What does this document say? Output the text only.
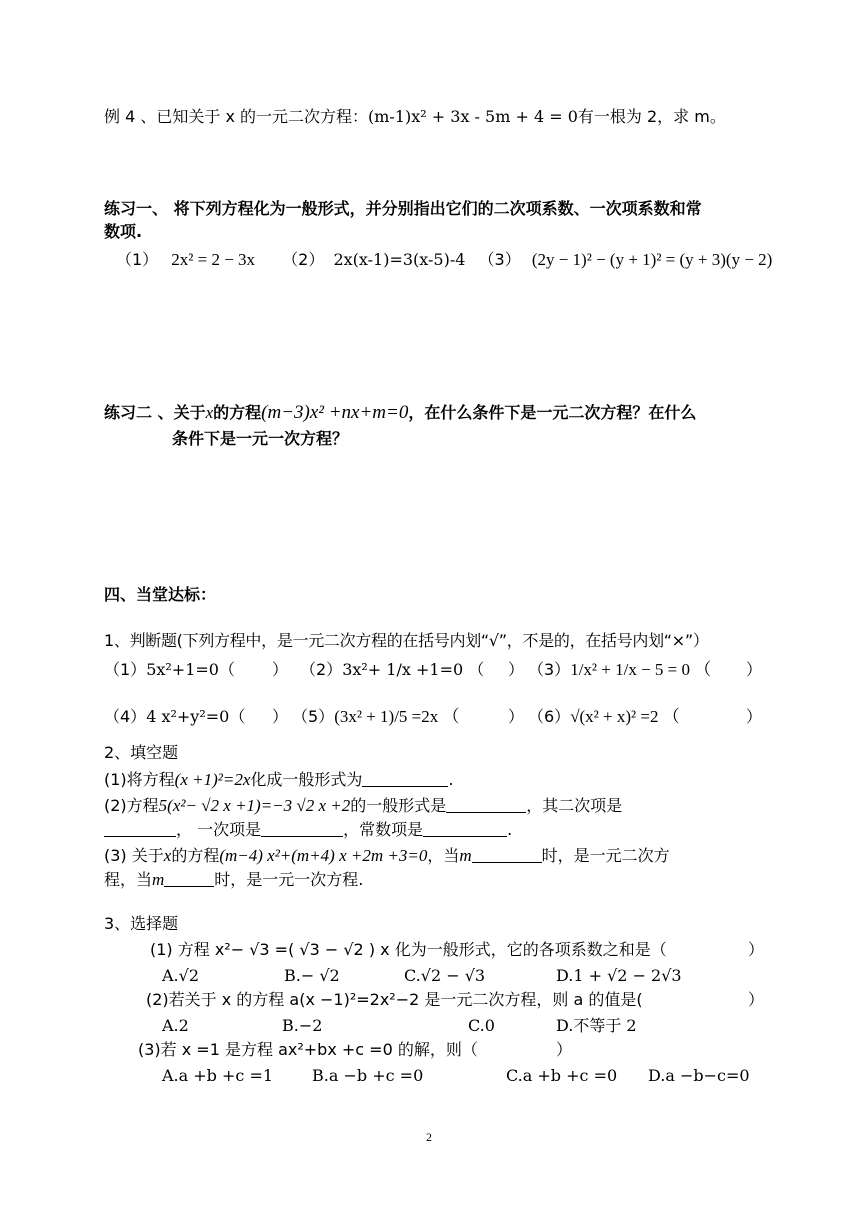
例 4 、已知关于 x 的一元二次方程：(m-1)x² + 3x - 5m + 4 = 0有一根为 2，求 m。
练习一、 将下列方程化为一般形式，并分别指出它们的二次项系数、一次项系数和常
数项.
（1） 2x² = 2 − 3x （2） 2x(x-1)=3(x-5)-4 （3） (2y − 1)² − (y + 1)² = (y + 3)(y − 2)
练习二 、关于x的方程(m−3)x² +nx+m=0，在什么条件下是一元二次方程？在什么
条件下是一元一次方程？
四、当堂达标：
1、判断题(下列方程中，是一元二次方程的在括号内划“√”，不是的，在括号内划“×”）
（1）5x²+1=0（ ） （2）3x²+ 1/x +1=0 （ ） （3）1/x² + 1/x − 5 = 0 （ ）
（4）4 x²+y²=0（ ） （5）(3x² + 1)/5 =2x （	） （6）√(x² + x)² =2 （	）
2、填空题
(1)将方程(x +1)²=2x化成一般形式为	.
(2)方程5(x²− √2 x +1)=−3 √2 x +2的一般形式是	，其二次项是
， 一次项是	，常数项是	.
(3) 关于x的方程(m−4) x²+(m+4) x +2m +3=0，当m	时，是一元二次方
程，当m	时，是一元一次方程.
3、选择题
(1) 方程 x²− √3 =( √3 − √2 ) x 化为一般形式，它的各项系数之和是（	）
A.√2	B.− √2	C.√2 − √3	D.1 + √2 − 2√3
(2)若关于 x 的方程 a(x −1)²=2x²−2 是一元二次方程，则 a 的值是(	）
A.2	B.−2	C.0	D.不等于 2
(3)若 x =1 是方程 ax²+bx +c =0 的解，则（	）
A.a +b +c =1 B.a −b +c =0	C.a +b +c =0 D.a −b−c=0
2
